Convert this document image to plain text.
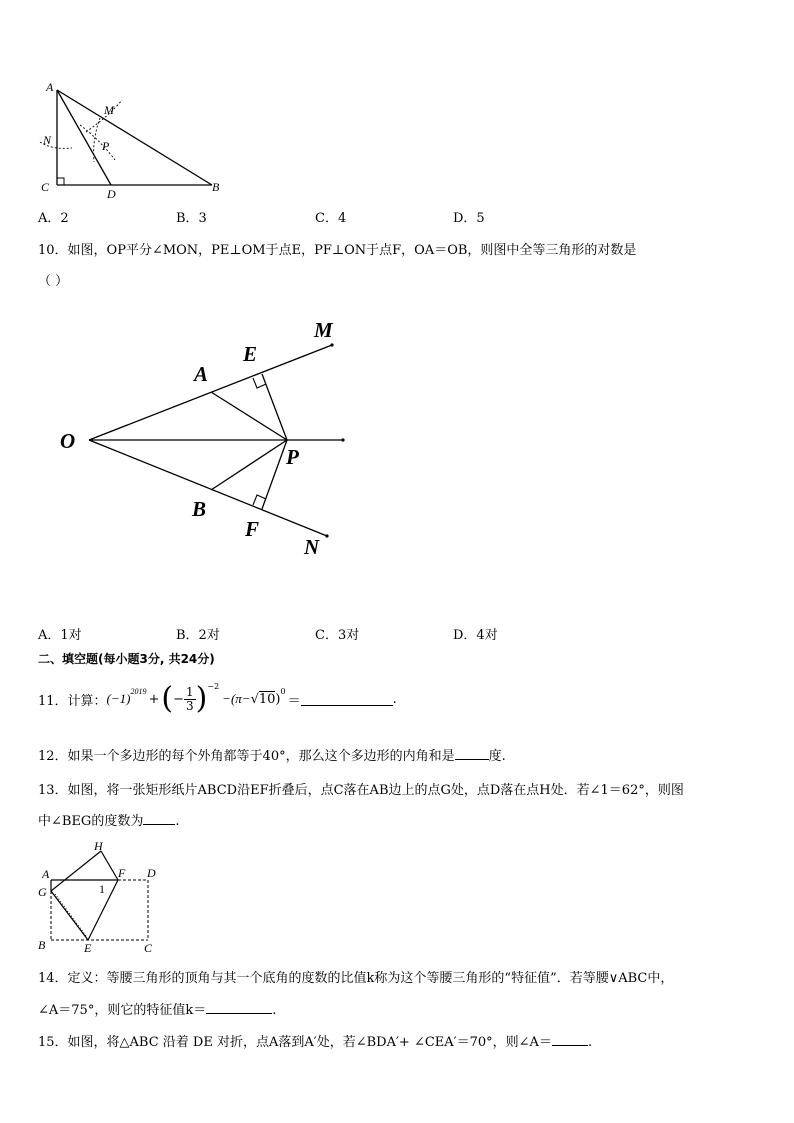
A
M
N	P
C	D	B
A．2	B．3	C．4	D．5
10．如图，OP平分∠MON，PE⊥OM于点E，PF⊥ON于点F，OA＝OB，则图中全等三角形的对数是
（ ）
M
E
A
O
P
B
F
N
A．1对	B．2对	C．3对	D．4对
二、填空题(每小题3分, 共24分)
11．计算： $(-1)^{2019}$
+ ( − $\frac{1}{3} )^{-2}$
−(π− √ 10 )
$^0$
＝	.
12．如果一个多边形的每个外角都等于40°，那么这个多边形的内角和是	度.
13．如图，将一张矩形纸片ABCD沿EF折叠后，点C落在AB边上的点G处，点D落在点H处．若∠1＝62°，则图
中∠BEG的度数为 .
H
A	F D
G	1
B	E	C
14．定义：等腰三角形的顶角与其一个底角的度数的比值k称为这个等腰三角形的“特征值”．若等腰∨ABC中，
∠A＝75°，则它的特征值k＝	.
15．如图，将△ABC 沿着 DE 对折，点A落到A′处，若∠BDA′+ ∠CEA′＝70°，则∠A＝	.
